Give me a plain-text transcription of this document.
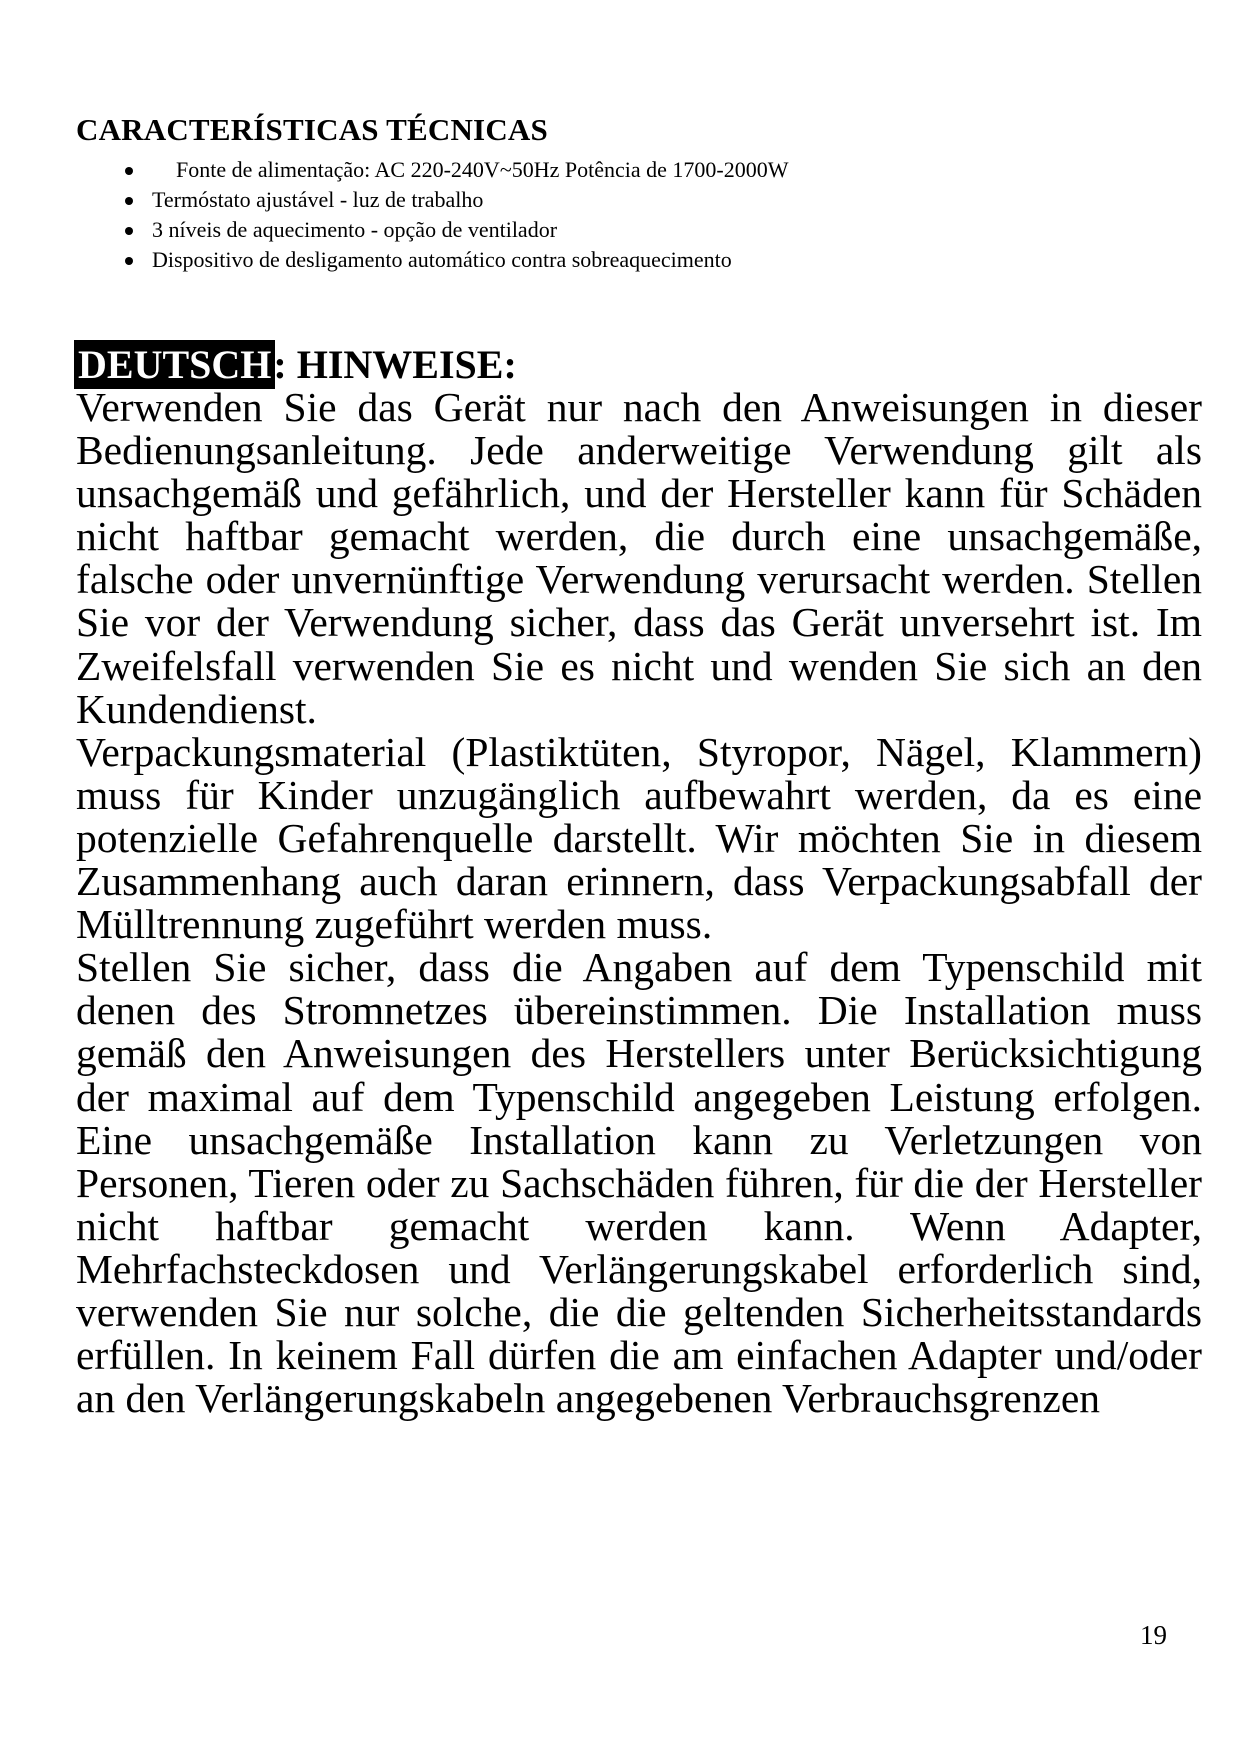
CARACTERÍSTICAS TÉCNICAS
Fonte de alimentação: AC 220-240V~50Hz Potência de 1700-2000W
Termóstato ajustável - luz de trabalho
3 níveis de aquecimento - opção de ventilador
Dispositivo de desligamento automático contra sobreaquecimento
DEUTSCH: HINWEISE:

Verwenden Sie das Gerät nur nach den Anweisungen in dieser Bedienungsanleitung. Jede anderweitige Verwendung gilt als unsachgemäß und gefährlich, und der Hersteller kann für Schäden nicht haftbar gemacht werden, die durch eine unsachgemäße, falsche oder unvernünftige Verwendung verursacht werden. Stellen Sie vor der Verwendung sicher, dass das Gerät unversehrt ist. Im Zweifelsfall verwenden Sie es nicht und wenden Sie sich an den Kundendienst.

Verpackungsmaterial (Plastiktüten, Styropor, Nägel, Klammern) muss für Kinder unzugänglich aufbewahrt werden, da es eine potenzielle Gefahrenquelle darstellt. Wir möchten Sie in diesem Zusammenhang auch daran erinnern, dass Verpackungsabfall der Mülltrennung zugeführt werden muss.

Stellen Sie sicher, dass die Angaben auf dem Typenschild mit denen des Stromnetzes übereinstimmen. Die Installation muss gemäß den Anweisungen des Herstellers unter Berücksichtigung der maximal auf dem Typenschild angegeben Leistung erfolgen. Eine unsachgemäße Installation kann zu Verletzungen von Personen, Tieren oder zu Sachschäden führen, für die der Hersteller nicht haftbar gemacht werden kann. Wenn Adapter, Mehrfachsteckdosen und Verlängerungskabel erforderlich sind, verwenden Sie nur solche, die die geltenden Sicherheitsstandards erfüllen. In keinem Fall dürfen die am einfachen Adapter und/oder an den Verlängerungskabeln angegebenen Verbrauchsgrenzen

19
